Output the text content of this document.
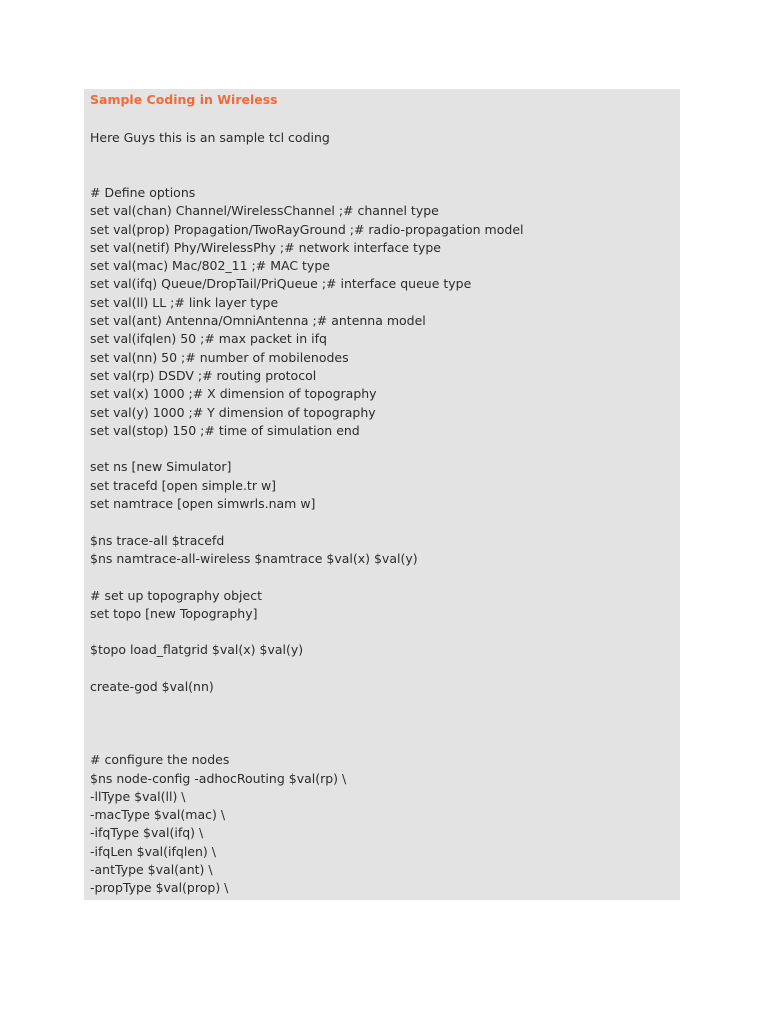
Sample Coding in Wireless
Here Guys this is an sample tcl coding
# Define options
set val(chan) Channel/WirelessChannel ;# channel type
set val(prop) Propagation/TwoRayGround ;# radio-propagation model
set val(netif) Phy/WirelessPhy ;# network interface type
set val(mac) Mac/802_11 ;# MAC type
set val(ifq) Queue/DropTail/PriQueue ;# interface queue type
set val(ll) LL ;# link layer type
set val(ant) Antenna/OmniAntenna ;# antenna model
set val(ifqlen) 50 ;# max packet in ifq
set val(nn) 50 ;# number of mobilenodes
set val(rp) DSDV ;# routing protocol
set val(x) 1000 ;# X dimension of topography
set val(y) 1000 ;# Y dimension of topography
set val(stop) 150 ;# time of simulation end
set ns [new Simulator]
set tracefd [open simple.tr w]
set namtrace [open simwrls.nam w]
$ns trace-all $tracefd
$ns namtrace-all-wireless $namtrace $val(x) $val(y)
# set up topography object
set topo [new Topography]
$topo load_flatgrid $val(x) $val(y)
create-god $val(nn)
# configure the nodes
$ns node-config -adhocRouting $val(rp) \
-llType $val(ll) \
-macType $val(mac) \
-ifqType $val(ifq) \
-ifqLen $val(ifqlen) \
-antType $val(ant) \
-propType $val(prop) \
